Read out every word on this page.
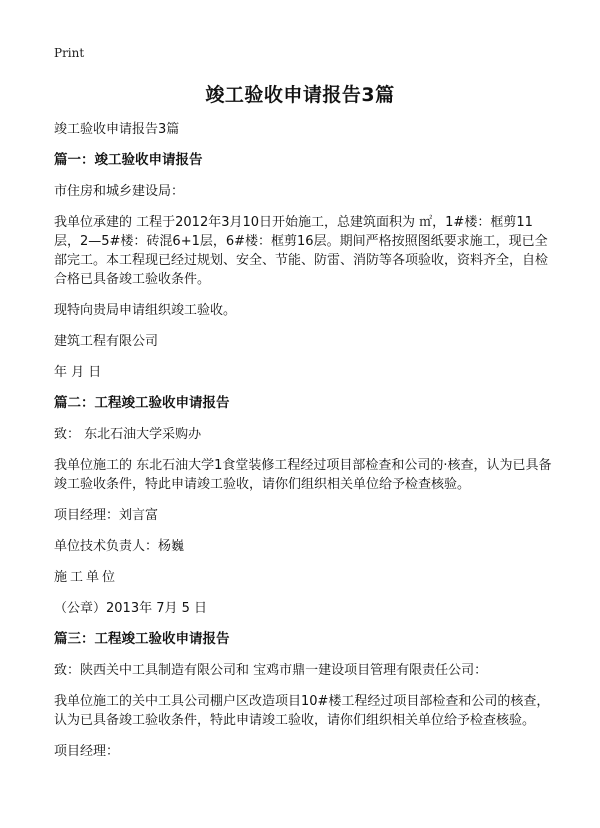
Print
竣工验收申请报告3篇

竣工验收申请报告3篇

篇一：竣工验收申请报告

市住房和城乡建设局：

我单位承建的 工程于2012年3月10日开始施工，总建筑面积为 ㎡，1#楼：框剪11层，2—5#楼：砖混6+1层，6#楼：框剪16层。期间严格按照图纸要求施工，现已全部完工。本工程现已经过规划、安全、节能、防雷、消防等各项验收，资料齐全，自检合格已具备竣工验收条件。

现特向贵局申请组织竣工验收。

建筑工程有限公司

年 月 日

篇二：工程竣工验收申请报告

致： 东北石油大学采购办

我单位施工的 东北石油大学1食堂装修工程经过项目部检查和公司的·核查，认为已具备竣工验收条件，特此申请竣工验收，请你们组织相关单位给予检查核验。

项目经理：刘言富

单位技术负责人：杨巍

施工单位

（公章）2013年 7月 5 日

篇三：工程竣工验收申请报告

致：陕西关中工具制造有限公司和 宝鸡市鼎一建设项目管理有限责任公司：

我单位施工的关中工具公司棚户区改造项目10#楼工程经过项目部检查和公司的核查，认为已具备竣工验收条件，特此申请竣工验收，请你们组织相关单位给予检查核验。

项目经理：
